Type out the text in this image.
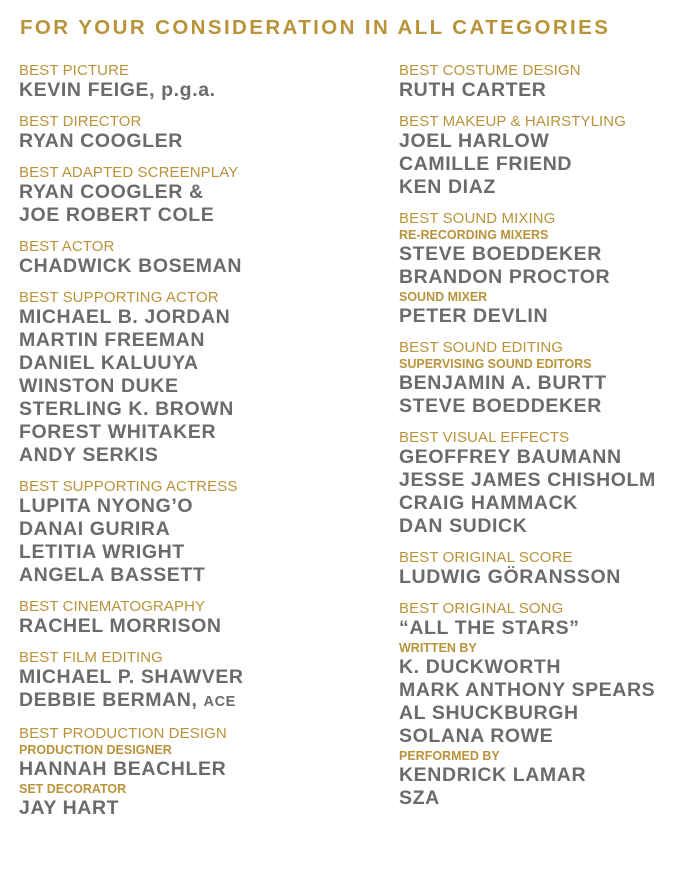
FOR YOUR CONSIDERATION IN ALL CATEGORIES
BEST PICTURE
KEVIN FEIGE, p.g.a.
BEST DIRECTOR
RYAN COOGLER
BEST ADAPTED SCREENPLAY
RYAN COOGLER &
JOE ROBERT COLE
BEST ACTOR
CHADWICK BOSEMAN
BEST SUPPORTING ACTOR
MICHAEL B. JORDAN
MARTIN FREEMAN
DANIEL KALUUYA
WINSTON DUKE
STERLING K. BROWN
FOREST WHITAKER
ANDY SERKIS
BEST SUPPORTING ACTRESS
LUPITA NYONG’O
DANAI GURIRA
LETITIA WRIGHT
ANGELA BASSETT
BEST CINEMATOGRAPHY
RACHEL MORRISON
BEST FILM EDITING
MICHAEL P. SHAWVER
DEBBIE BERMAN, ACE
BEST PRODUCTION DESIGN
PRODUCTION DESIGNER
HANNAH BEACHLER
SET DECORATOR
JAY HART
BEST COSTUME DESIGN
RUTH CARTER
BEST MAKEUP & HAIRSTYLING
JOEL HARLOW
CAMILLE FRIEND
KEN DIAZ
BEST SOUND MIXING
RE-RECORDING MIXERS
STEVE BOEDDEKER
BRANDON PROCTOR
SOUND MIXER
PETER DEVLIN
BEST SOUND EDITING
SUPERVISING SOUND EDITORS
BENJAMIN A. BURTT
STEVE BOEDDEKER
BEST VISUAL EFFECTS
GEOFFREY BAUMANN
JESSE JAMES CHISHOLM
CRAIG HAMMACK
DAN SUDICK
BEST ORIGINAL SCORE
LUDWIG GÖRANSSON
BEST ORIGINAL SONG
“ALL THE STARS”
WRITTEN BY
K. DUCKWORTH
MARK ANTHONY SPEARS
AL SHUCKBURGH
SOLANA ROWE
PERFORMED BY
KENDRICK LAMAR
SZA
